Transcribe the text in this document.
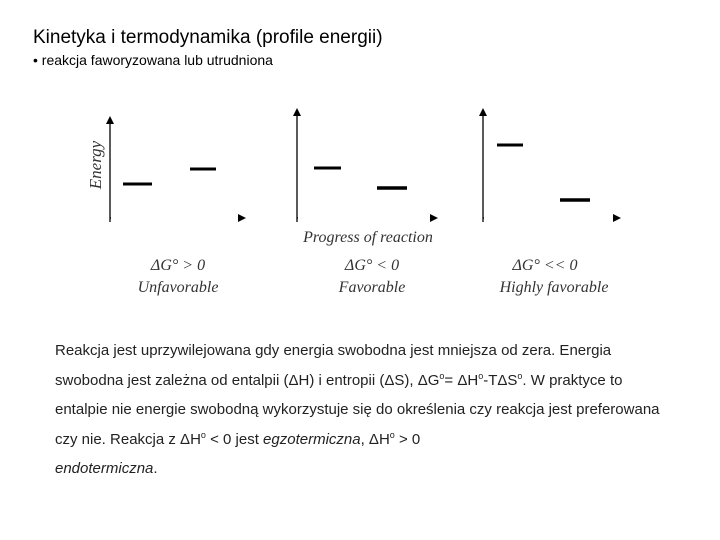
Kinetyka i termodynamika (profile energii)
• reakcja faworyzowana lub utrudniona
Energy
Progress of reaction
ΔG° > 0
Unfavorable
ΔG° < 0
Favorable
ΔG° << 0
Highly favorable

Reakcja jest uprzywilejowana gdy energia swobodna jest mniejsza od zera. Energia swobodna jest zależna od entalpii (ΔH) i entropii (ΔS), $\Delta G^o= \Delta H^o-T\Delta S^o$. W praktyce to entalpie nie energie swobodną wykorzystuje się do określenia czy reakcja jest preferowana czy nie. Reakcja z $\Delta H^o < 0$ jest egzotermiczna, $\Delta H^o > 0$
endotermiczna.
